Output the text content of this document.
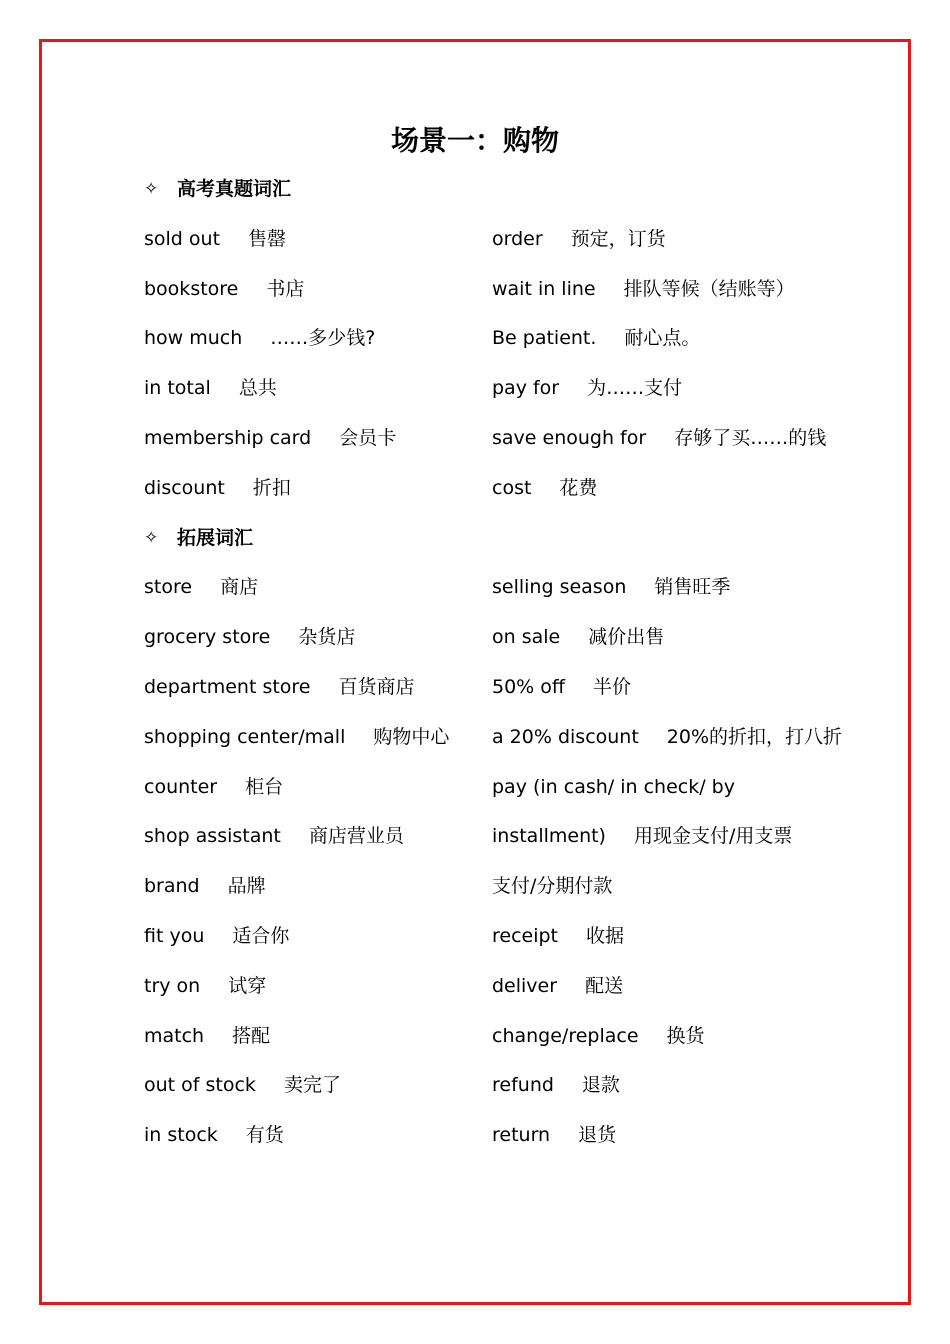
场景一：购物
✧ 高考真题词汇
sold out 售罄	order 预定，订货
bookstore 书店	wait in line 排队等候（结账等）
how much ……多少钱?	Be patient. 耐心点。
in total 总共	pay for 为……支付
membership card 会员卡	save enough for 存够了买……的钱
discount 折扣	cost 花费
✧ 拓展词汇
store 商店	selling season 销售旺季
grocery store 杂货店	on sale 减价出售
department store 百货商店	50% off 半价
shopping center/mall 购物中心 a 20% discount 20%的折扣，打八折
counter 柜台	pay (in cash/ in check/ by
shop assistant 商店营业员	installment) 用现金支付/用支票
brand 品牌	支付/分期付款
fit you 适合你	receipt 收据
try on 试穿	deliver 配送
match 搭配	change/replace 换货
out of stock 卖完了	refund 退款
in stock 有货	return 退货
